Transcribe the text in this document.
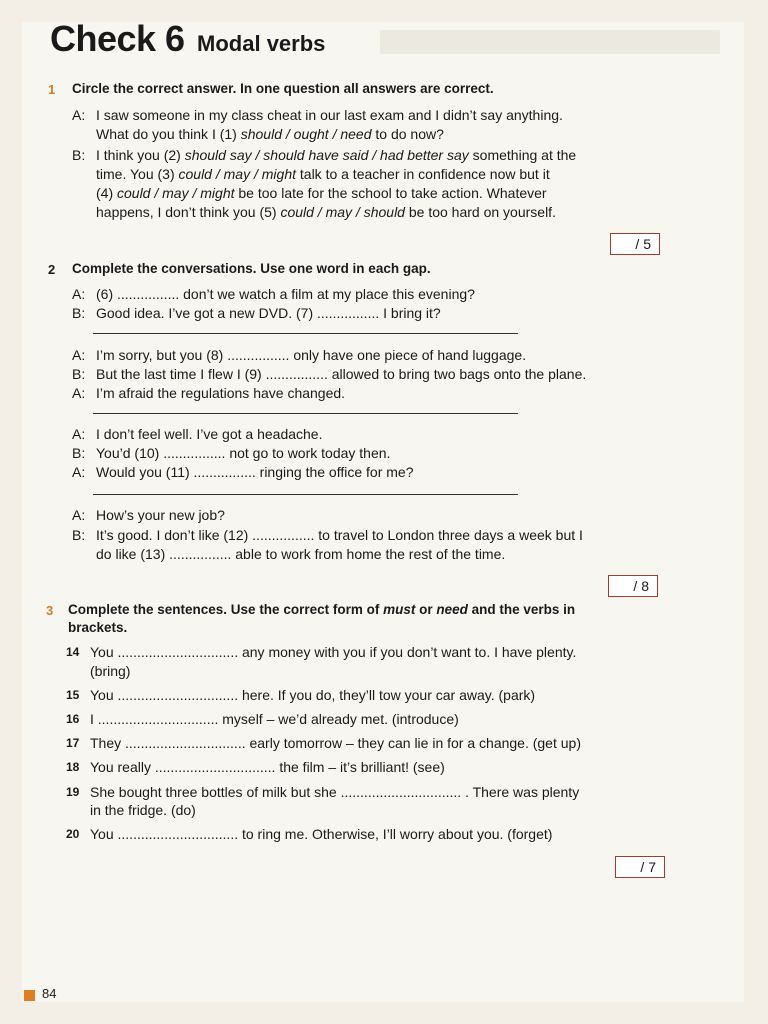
Check 6 Modal verbs
1 Circle the correct answer. In one question all answers are correct.
A: I saw someone in my class cheat in our last exam and I didn’t say anything.
What do you think I (1) should / ought / need to do now?
B: I think you (2) should say / should have said / had better say something at the
time. You (3) could / may / might talk to a teacher in confidence now but it
(4) could / may / might be too late for the school to take action. Whatever
happens, I don’t think you (5) could / may / should be too hard on yourself.
/ 5
2 Complete the conversations. Use one word in each gap.
A: (6) ................ don’t we watch a film at my place this evening?
B: Good idea. I’ve got a new DVD. (7) ................ I bring it?
A: I’m sorry, but you (8) ................ only have one piece of hand luggage.
B: But the last time I flew I (9) ................ allowed to bring two bags onto the plane.
A: I’m afraid the regulations have changed.
A: I don’t feel well. I’ve got a headache.
B: You’d (10) ................ not go to work today then.
A: Would you (11) ................ ringing the office for me?
A: How’s your new job?
B: It’s good. I don’t like (12) ................ to travel to London three days a week but I
do like (13) ................ able to work from home the rest of the time.
/ 8
3 Complete the sentences. Use the correct form of must or need and the verbs in
brackets.
14 You ............................... any money with you if you don’t want to. I have plenty.
(bring)
15 You ............................... here. If you do, they’ll tow your car away. (park)
16 I ............................... myself – we’d already met. (introduce)
17 They ............................... early tomorrow – they can lie in for a change. (get up)
18 You really ............................... the film – it’s brilliant! (see)
19 She bought three bottles of milk but she ............................... . There was plenty
in the fridge. (do)
20 You ............................... to ring me. Otherwise, I’ll worry about you. (forget)
/ 7
84
